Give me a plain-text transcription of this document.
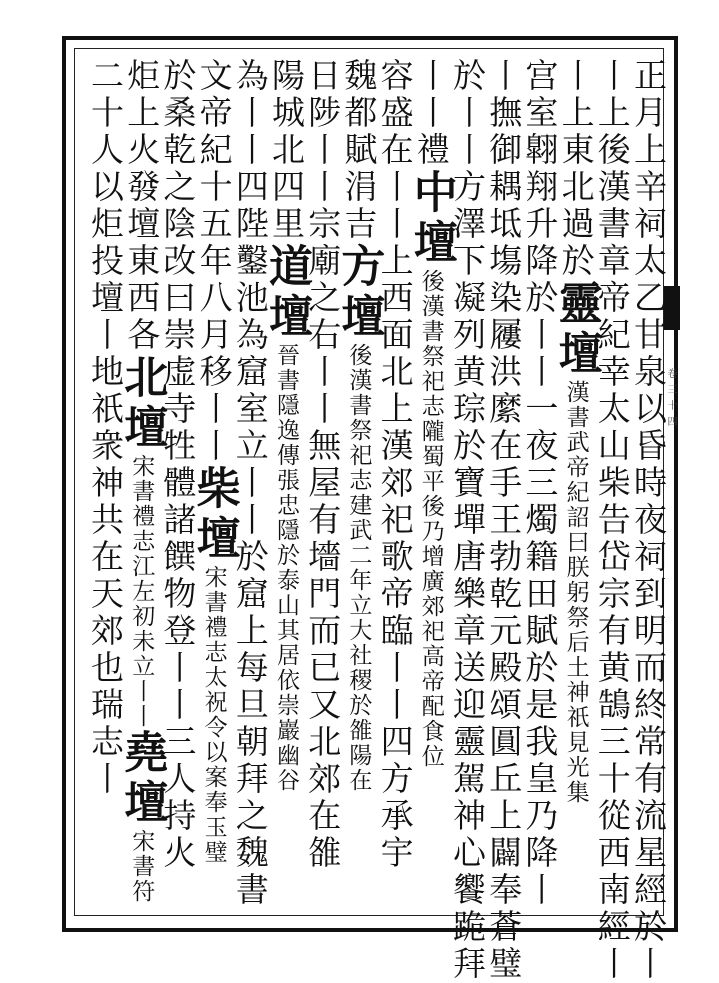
卷三十四
正月上辛祠太乙甘泉以昏時夜祠到明而終常有流星經於丨
丨上後漢書章帝紀幸太山柴告岱宗有黄鵠三十從西南經丨
丨上東北過於靈壇漢書武帝紀詔曰朕躬祭后土神祇見光集
宫室翺翔升降於丨丨一夜三燭籍田賦於是我皇乃降丨
丨撫御耦坻塲染屨洪縻在手王勃乾元殿頌圓丘上闢奉蒼璧
於丨丨方澤下凝列黄琮於寶墠唐樂章送迎靈駕神心饗跪拜
丨丨禮中壇後漢書祭祀志隴蜀平後乃增廣郊祀高帝配食位
容盛在丨丨上西面北上漢郊祀歌帝臨丨丨四方承宇
魏都賦涓吉方壇後漢書祭祀志建武二年立大社稷於雒陽在
日陟丨丨宗廟之右丨丨無屋有墻門而已又北郊在雒
陽城北四里道壇晉書隱逸傳張忠隱於泰山其居依崇巖幽谷
為丨丨四陛鑿池為窟室立丨丨於窟上每旦朝拜之魏書
文帝紀十五年八月移丨丨柴壇宋書禮志太祝令以案奉玉璧
於桑乾之陰改曰崇虚寺牲體諸饌物登丨丨三人持火
炬上火發壇東西各北壇宋書禮志江左初未立丨丨堯壇宋書符
二十人以炬投壇丨地祇衆神共在天郊也瑞志丨
